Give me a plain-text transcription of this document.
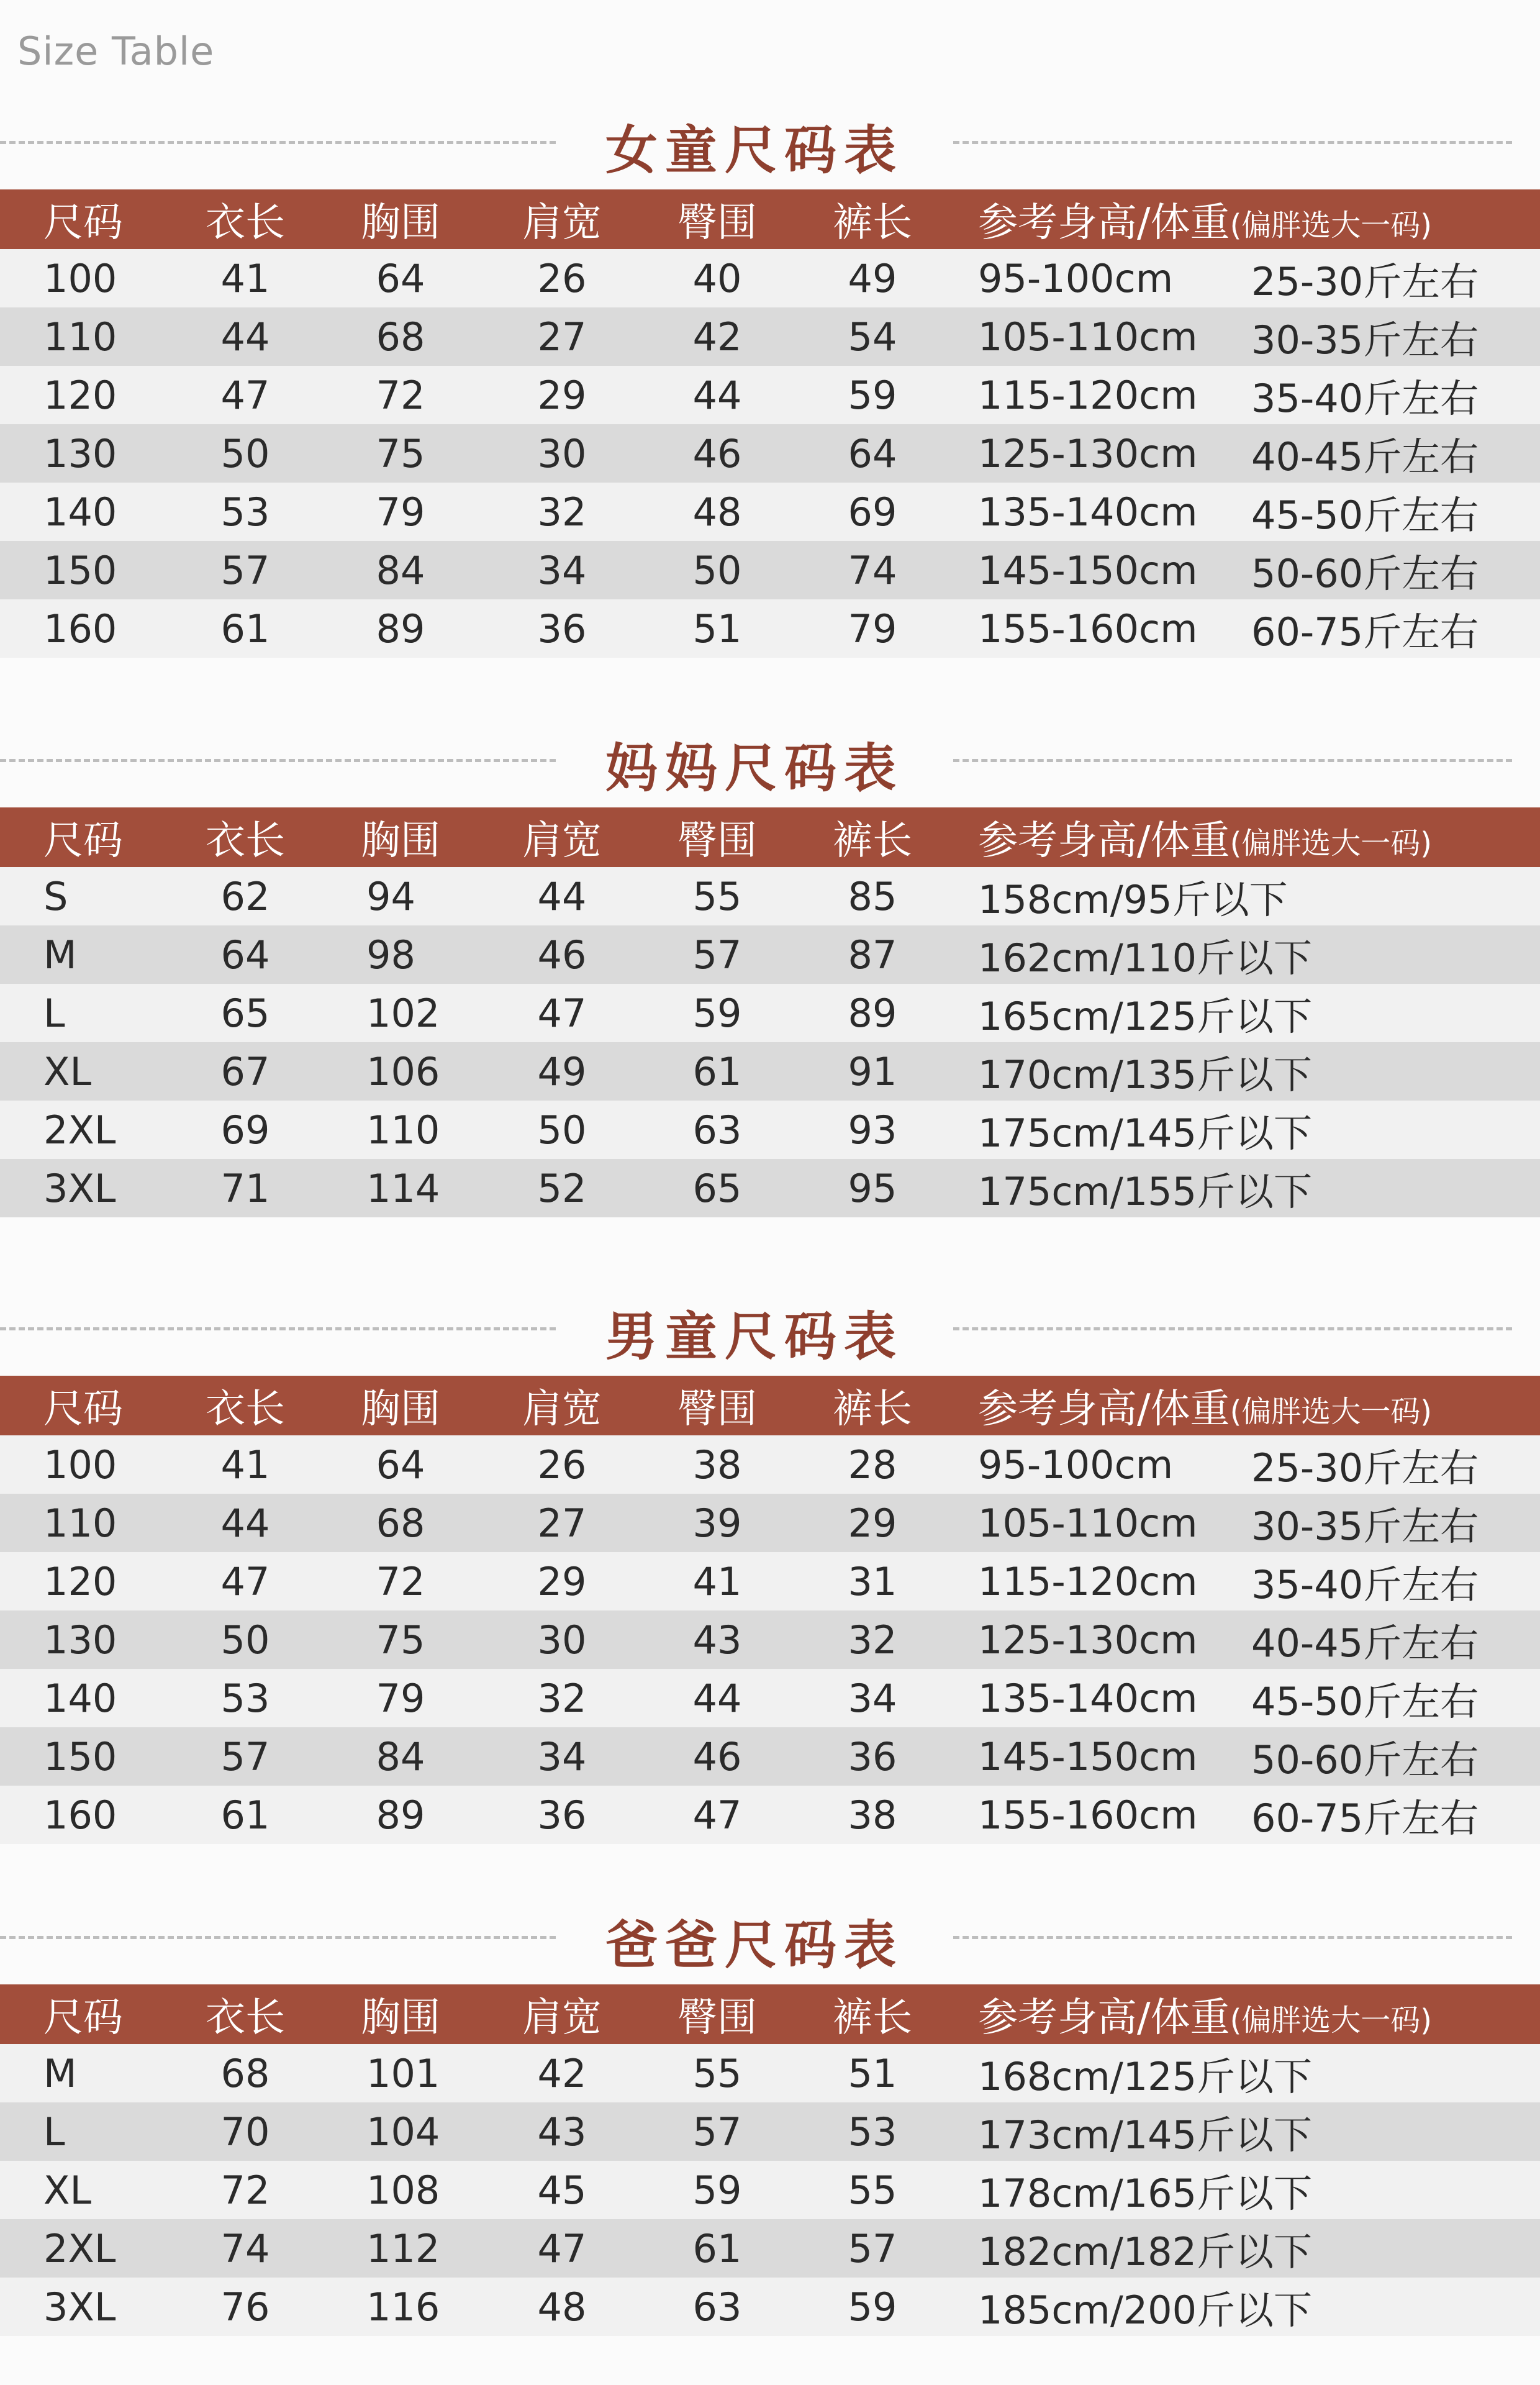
Size Table
女童尺码表
尺码 衣长 胸围 肩宽 臀围 裤长 参考身高/体重 (偏胖选大一码)
100	41	64	26	40	49	95-100cm 25-30斤左右
110	44	68	27	42	54	105-110cm 30-35斤左右
120	47	72	29	44	59	115-120cm 35-40斤左右
130	50	75	30	46	64	125-130cm 40-45斤左右
140	53	79	32	48	69	135-140cm 45-50斤左右
150	57	84	34	50	74	145-150cm 50-60斤左右
160	61	89	36	51	79	155-160cm 60-75斤左右
妈妈尺码表
尺码 衣长 胸围 肩宽 臀围 裤长 参考身高/体重 (偏胖选大一码)
S	62	94	44	55	85	158cm/95斤以下
M	64	98	46	57	87	162cm/110斤以下
L	65	102	47	59	89	165cm/125斤以下
XL	67	106	49	61	91	170cm/135斤以下
2XL	69	110	50	63	93	175cm/145斤以下
3XL	71	114	52	65	95	175cm/155斤以下
男童尺码表
尺码 衣长 胸围 肩宽 臀围 裤长 参考身高/体重 (偏胖选大一码)
100	41	64	26	38	28	95-100cm 25-30斤左右
110	44	68	27	39	29	105-110cm 30-35斤左右
120	47	72	29	41	31	115-120cm 35-40斤左右
130	50	75	30	43	32	125-130cm 40-45斤左右
140	53	79	32	44	34	135-140cm 45-50斤左右
150	57	84	34	46	36	145-150cm 50-60斤左右
160	61	89	36	47	38	155-160cm 60-75斤左右
爸爸尺码表
尺码 衣长 胸围 肩宽 臀围 裤长 参考身高/体重 (偏胖选大一码)
M	68	101	42	55	51	168cm/125斤以下
L	70	104	43	57	53	173cm/145斤以下
XL	72	108	45	59	55	178cm/165斤以下
2XL	74	112	47	61	57	182cm/182斤以下
3XL	76	116	48	63	59	185cm/200斤以下
